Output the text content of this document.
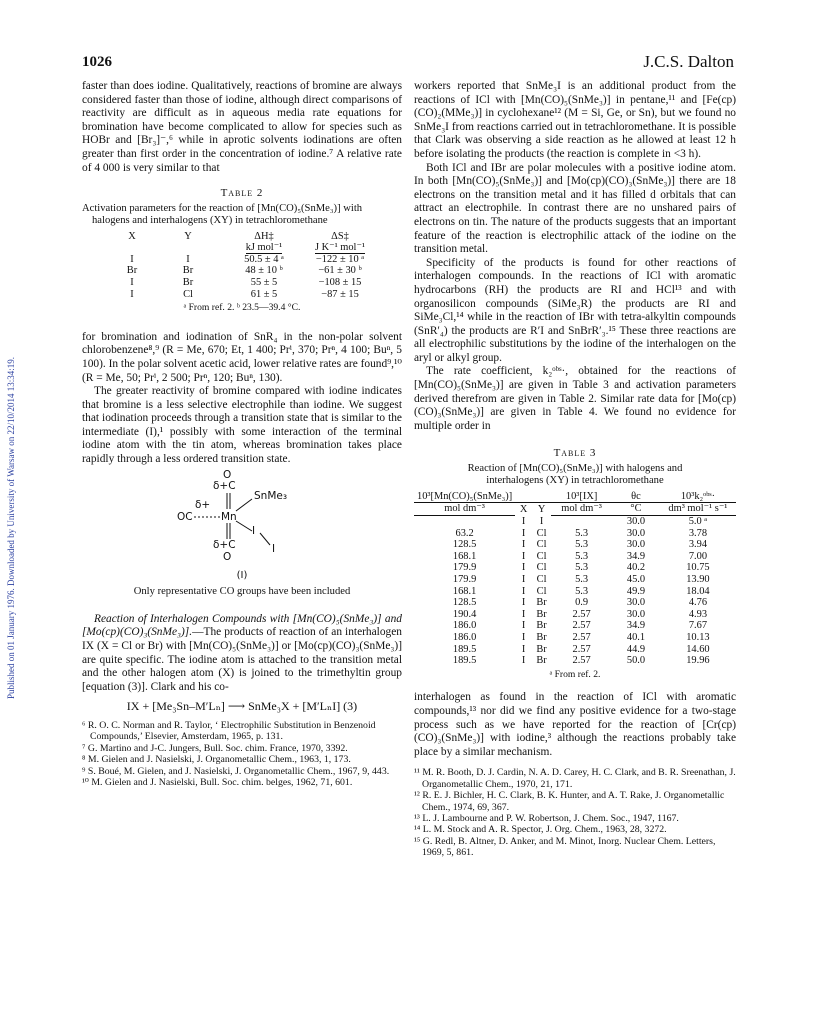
1026	J.C.S. Dalton
Published on 01 January 1976. Downloaded by University of Warsaw on 22/10/2014 13:34:19.

faster than does iodine. Qualitatively, reactions of bromine are always considered faster than those of iodine, although direct comparisons of reactivity are difficult as in aqueous media rate equations for bromination have become complicated to allow for species such as HOBr and [Br₃]⁻,⁶ while in aprotic solvents iodinations are often greater than first order in the concentration of iodine.⁷ A relative rate of 4 000 is very similar to that

Table 2
Activation parameters for the reaction of [Mn(CO)₅(SnMe₃)] with halogens and interhalogens (XY) in tetrachloromethane
X	Y	ΔH‡	ΔS‡
		kJ mol⁻¹	J K⁻¹ mol⁻¹
I	I	50.5 ± 4 ᵃ	−122 ± 10 ᵃ
Br	Br	48 ± 10 ᵇ	−61 ± 30 ᵇ
I	Br	55 ± 5	−108 ± 15
I	Cl	61 ± 5	−87 ± 15
ᵃ From ref. 2. ᵇ 23.5—39.4 °C.

for bromination and iodination of SnR₄ in the non-polar solvent chlorobenzene⁸,⁹ (R = Me, 670; Et, 1 400; Prⁱ, 370; Prⁿ, 4 100; Buⁿ, 5 100). In the polar solvent acetic acid, lower relative rates are found⁹,¹⁰ (R = Me, 50; Prⁱ, 2 500; Prⁿ, 120; Buⁿ, 130).

The greater reactivity of bromine compared with iodine indicates that bromine is a less selective electrophile than iodine. We suggest that iodination proceeds through a transition state that is similar to the intermediate (I),¹ possibly with some interaction of the terminal iodine atom with the tin atom, whereas bromination takes place rapidly through a less ordered transition state.

O
δ+C
SnMe₃
δ+
OC	Mn
I
δ+C
O
I
(I)
Only representative CO groups have been included

Reaction of Interhalogen Compounds with [Mn(CO)₅(SnMe₃)] and [Mo(cp)(CO)₃(SnMe₃)].—The products of reaction of an interhalogen IX (X = Cl or Br) with [Mn(CO)₅(SnMe₃)] or [Mo(cp)(CO)₃(SnMe₃)] are quite specific. The iodine atom is attached to the transition metal and the other halogen atom (X) is joined to the trimethyltin group [equation (3)]. Clark and his co-

IX + [Me₃Sn–M′Lₙ] ⟶ SnMe₃X + [M′LₙI] (3)

⁶ R. O. C. Norman and R. Taylor, ‘ Electrophilic Substitution in Benzenoid Compounds,’ Elsevier, Amsterdam, 1965, p. 131.

⁷ G. Martino and J-C. Jungers, Bull. Soc. chim. France, 1970, 3392.

⁸ M. Gielen and J. Nasielski, J. Organometallic Chem., 1963, 1, 173.

⁹ S. Boué, M. Gielen, and J. Nasielski, J. Organometallic Chem., 1967, 9, 443.

¹⁰ M. Gielen and J. Nasielski, Bull. Soc. chim. belges, 1962, 71, 601.

workers reported that SnMe₃I is an additional product from the reactions of ICl with [Mn(CO)₅(SnMe₃)] in pentane,¹¹ and [Fe(cp)(CO)₂(MMe₃)] in cyclohexane¹² (M = Si, Ge, or Sn), but we found no SnMe₃I from reactions carried out in tetrachloromethane. It is possible that Clark was observing a side reaction as he allowed at least 12 h before isolating the products (the reaction is complete in <3 h).

Both ICl and IBr are polar molecules with a positive iodine atom. In both [Mn(CO)₅(SnMe₃)] and [Mo(cp)(CO)₃(SnMe₃)] there are 18 electrons on the transition metal and it has filled d orbitals that can attract an electrophile. In contrast there are no unshared pairs of electrons on tin. The nature of the products suggests that an important feature of the reaction is electrophilic attack of the iodine on the transition metal.

Specificity of the products is found for other reactions of interhalogen compounds. In the reactions of ICl with aromatic hydrocarbons (RH) the products are RI and HCl¹³ and with organosilicon compounds (SiMe₃R) the products are RI and SiMe₃Cl,¹⁴ while in the reaction of IBr with tetra-alkyltin compounds (SnR′₄) the products are R′I and SnBrR′₃.¹⁵ These three reactions are all electrophilic substitutions by the iodine of the interhalogen on the aryl or alkyl group.

The rate coefficient, k₂ᵒᵇˢ·, obtained for the reactions of [Mn(CO)₅(SnMe₃)] are given in Table 3 and activation parameters derived therefrom are given in Table 2. Similar rate data for [Mo(cp)(CO)₃(SnMe₃)] are given in Table 4. We found no evidence for multiple order in

Table 3
Reaction of [Mn(CO)₅(SnMe₃)] with halogens and interhalogens (XY) in tetrachloromethane
10³[Mn(CO)₅(SnMe₃)]			10³[IX]	θc	10³k₂ᵒᵇˢ·
mol dm⁻³	X	Y	mol dm⁻³	°C	dm³ mol⁻¹ s⁻¹
	I	I		30.0	5.0 ᵃ
63.2	I	Cl	5.3	30.0	3.78
128.5	I	Cl	5.3	30.0	3.94
168.1	I	Cl	5.3	34.9	7.00
179.9	I	Cl	5.3	40.2	10.75
179.9	I	Cl	5.3	45.0	13.90
168.1	I	Cl	5.3	49.9	18.04
128.5	I	Br	0.9	30.0	4.76
190.4	I	Br	2.57	30.0	4.93
186.0	I	Br	2.57	34.9	7.67
186.0	I	Br	2.57	40.1	10.13
189.5	I	Br	2.57	44.9	14.60
189.5	I	Br	2.57	50.0	19.96
ᵃ From ref. 2.

interhalogen as found in the reaction of ICl with aromatic compounds,¹³ nor did we find any positive evidence for a two-stage process such as we have reported for the reaction of [Cr(cp)(CO)₃(SnMe₃)] with iodine,³ although the reactions probably take place by a similar mechanism.

¹¹ M. R. Booth, D. J. Cardin, N. A. D. Carey, H. C. Clark, and B. R. Sreenathan, J. Organometallic Chem., 1970, 21, 171.

¹² R. E. J. Bichler, H. C. Clark, B. K. Hunter, and A. T. Rake, J. Organometallic Chem., 1974, 69, 367.

¹³ L. J. Lambourne and P. W. Robertson, J. Chem. Soc., 1947, 1167.

¹⁴ L. M. Stock and A. R. Spector, J. Org. Chem., 1963, 28, 3272.

¹⁵ G. Redl, B. Altner, D. Anker, and M. Minot, Inorg. Nuclear Chem. Letters, 1969, 5, 861.
